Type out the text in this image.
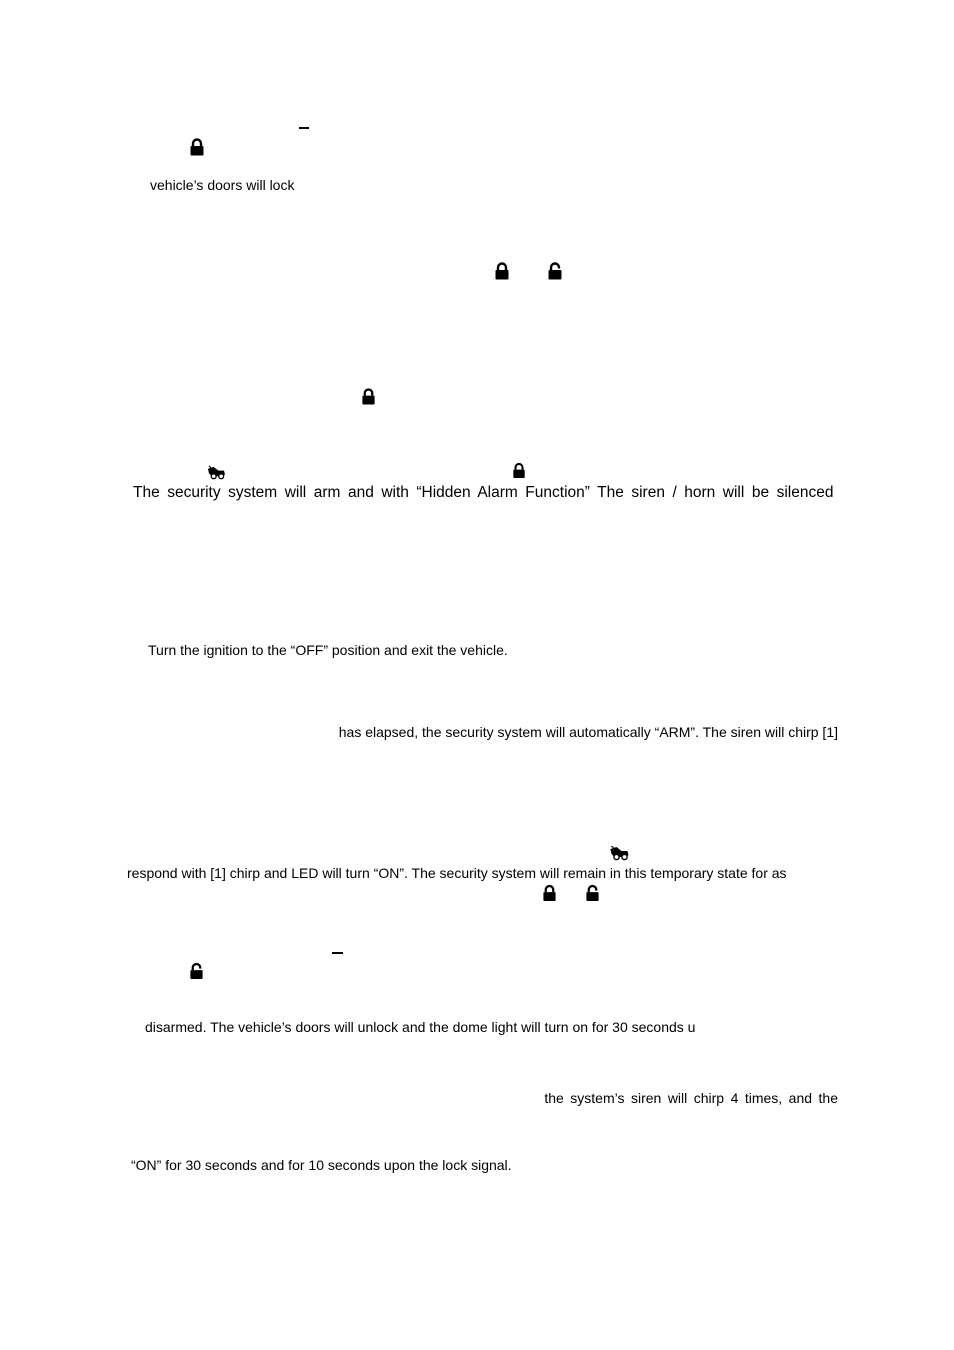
vehicle’s doors will lock
The security system will arm and with “Hidden Alarm Function” The siren / horn will be silenced
Turn the ignition to the “OFF” position and exit the vehicle.
has elapsed, the security system will automatically “ARM”. The siren will chirp [1]
respond with [1] chirp and LED will turn “ON”. The security system will remain in this temporary state for as
disarmed. The vehicle’s doors will unlock and the dome light will turn on for 30 seconds u
the system’s siren will chirp 4 times, and the
“ON” for 30 seconds and for 10 seconds upon the lock signal.
